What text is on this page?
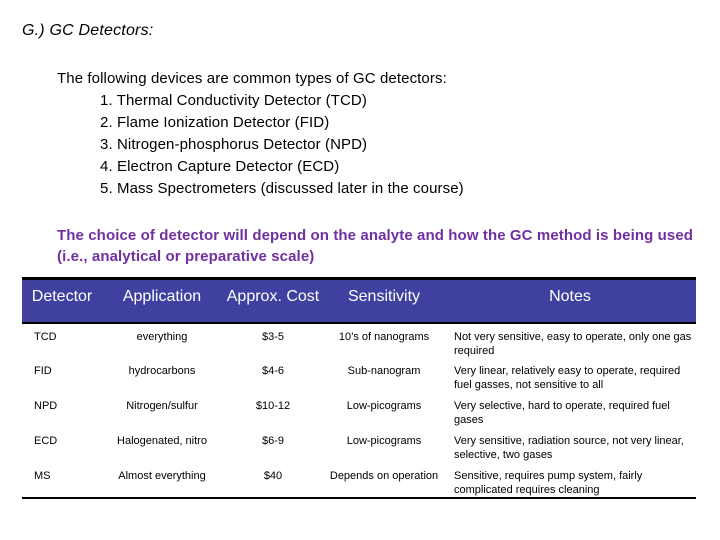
G.) GC Detectors:
The following devices are common types of GC detectors:
1. Thermal Conductivity Detector (TCD)
2. Flame Ionization Detector (FID)
3. Nitrogen-phosphorus Detector (NPD)
4. Electron Capture Detector (ECD)
5. Mass Spectrometers (discussed later in the course)
The choice of detector will depend on the analyte and how the GC method is being used (i.e., analytical or preparative scale)
Detector	Application	Approx. Cost	Sensitivity	Notes
TCD	everything	$3-5	10’s of nanograms	Not very sensitive, easy to operate, only one gas required
FID	hydrocarbons	$4-6	Sub-nanogram	Very linear, relatively easy to operate, required fuel gasses, not sensitive to all
NPD	Nitrogen/sulfur	$10-12	Low-picograms	Very selective, hard to operate, required fuel gases
ECD	Halogenated, nitro	$6-9	Low-picograms	Very sensitive, radiation source, not very linear, selective, two gases
MS	Almost everything	$40	Depends on operation	Sensitive, requires pump system, fairly complicated requires cleaning
